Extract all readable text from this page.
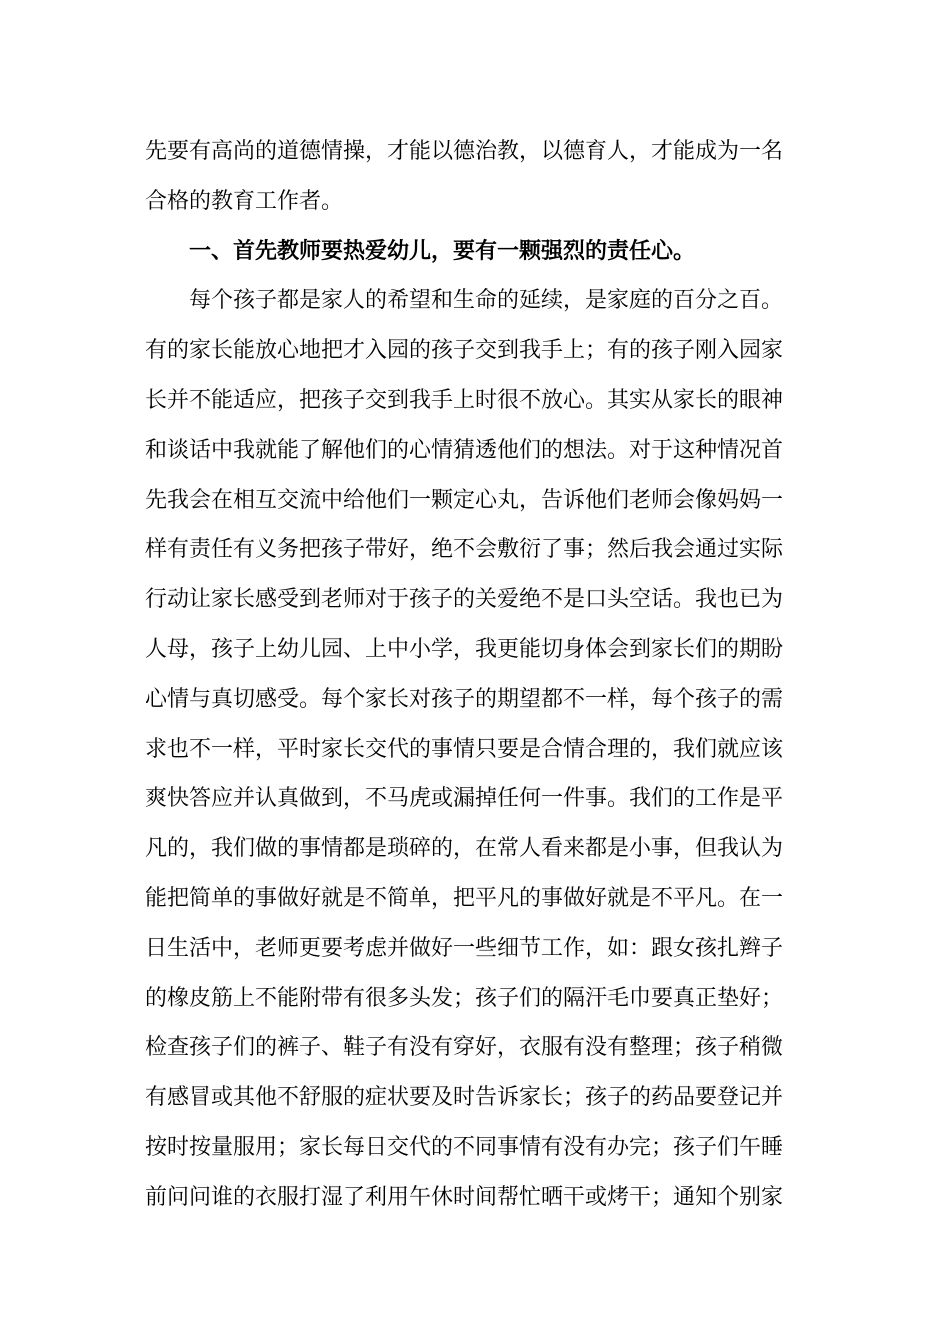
先要有高尚的道德情操，才能以德治教，以德育人，才能成为一名
合格的教育工作者。
一、首先教师要热爱幼儿，要有一颗强烈的责任心。
每个孩子都是家人的希望和生命的延续，是家庭的百分之百。
有的家长能放心地把才入园的孩子交到我手上；有的孩子刚入园家
长并不能适应，把孩子交到我手上时很不放心。其实从家长的眼神
和谈话中我就能了解他们的心情猜透他们的想法。对于这种情况首
先我会在相互交流中给他们一颗定心丸，告诉他们老师会像妈妈一
样有责任有义务把孩子带好，绝不会敷衍了事；然后我会通过实际
行动让家长感受到老师对于孩子的关爱绝不是口头空话。我也已为
人母，孩子上幼儿园、上中小学，我更能切身体会到家长们的期盼
心情与真切感受。每个家长对孩子的期望都不一样，每个孩子的需
求也不一样，平时家长交代的事情只要是合情合理的，我们就应该
爽快答应并认真做到，不马虎或漏掉任何一件事。我们的工作是平
凡的，我们做的事情都是琐碎的，在常人看来都是小事，但我认为
能把简单的事做好就是不简单，把平凡的事做好就是不平凡。在一
日生活中，老师更要考虑并做好一些细节工作，如：跟女孩扎辫子
的橡皮筋上不能附带有很多头发；孩子们的隔汗毛巾要真正垫好；
检查孩子们的裤子、鞋子有没有穿好，衣服有没有整理；孩子稍微
有感冒或其他不舒服的症状要及时告诉家长；孩子的药品要登记并
按时按量服用；家长每日交代的不同事情有没有办完；孩子们午睡
前问问谁的衣服打湿了利用午休时间帮忙晒干或烤干；通知个别家
